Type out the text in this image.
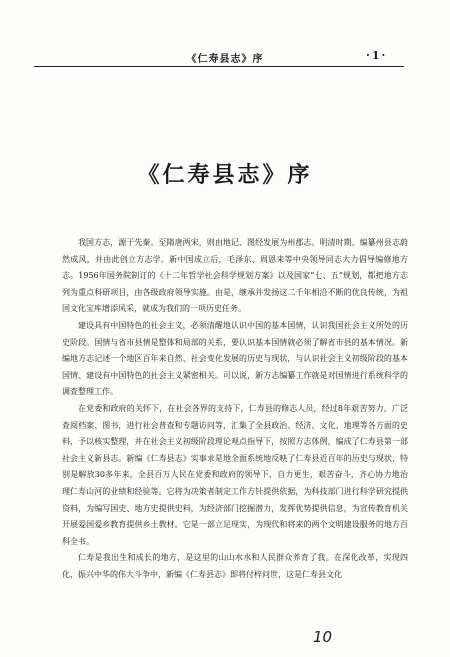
《仁寿县志》序	·1·
《仁寿县志》序

我国方志，源于先秦。至隋唐两宋，则由地记、图经发展为州郡志。明清时期，编纂州县志蔚然成风，并由此创立方志学。新中国成立后，毛泽东、周恩来等中央领导同志大力倡导编修地方志。1956年国务院制订的《十二年哲学社会科学规划方案》以及国家“七、五”规划，都把地方志列为重点科研项目，由各级政府领导实施。由是，继承并发扬这二千年相沿不断的优良传统，为祖国文化宝库增添风采，就成为我们的一项历史任务。

建设具有中国特色的社会主义，必须清醒地认识中国的基本国情，认识我国社会主义所处的历史阶段。国情与省市县情是整体和局部的关系，要认识基本国情就必须了解省市县的基本情况。新编地方志记述一个地区百年来自然、社会变化发展的历史与现状，与认识社会主义初级阶段的基本国情、建设有中国特色的社会主义紧密相关。可以说，新方志编纂工作就是对国情进行系统科学的调查整理工作。

在党委和政府的关怀下，在社会各界的支持下，仁寿县的修志人员，经过8年艰苦努力，广泛查阅档案、图书，进行社会普查和专题访问等，汇集了全县政治、经济、文化、地理等各方面的史料，予以核实整理，并在社会主义初级阶段理论观点指导下，按照方志体例，编成了仁寿县第一部社会主义新县志。新编《仁寿县志》实事求是地全面系统地反映了仁寿县近百年的历史与现状，特别是解放30多年来，全县百万人民在党委和政府的领导下，自力更生，艰苦奋斗，齐心协力地治理仁寿山河的业绩和经验等。它将为决策者制定工作方针提供依据，为科技部门进行科学研究提供资料，为编写国史、地方史提供史料，为经济部门挖掘潜力，发挥优势提供信息，为宣传教育机关开展爱国爱乡教育提供乡土教材。它是一部立足现实，为现代和将来的两个文明建设服务的地方百科全书。

仁寿是我出生和成长的地方，是这里的山山水水和人民群众养育了我。在深化改革，实现四化，振兴中华的伟大斗争中，新编《仁寿县志》即将付梓问世，这是仁寿县文化

10
